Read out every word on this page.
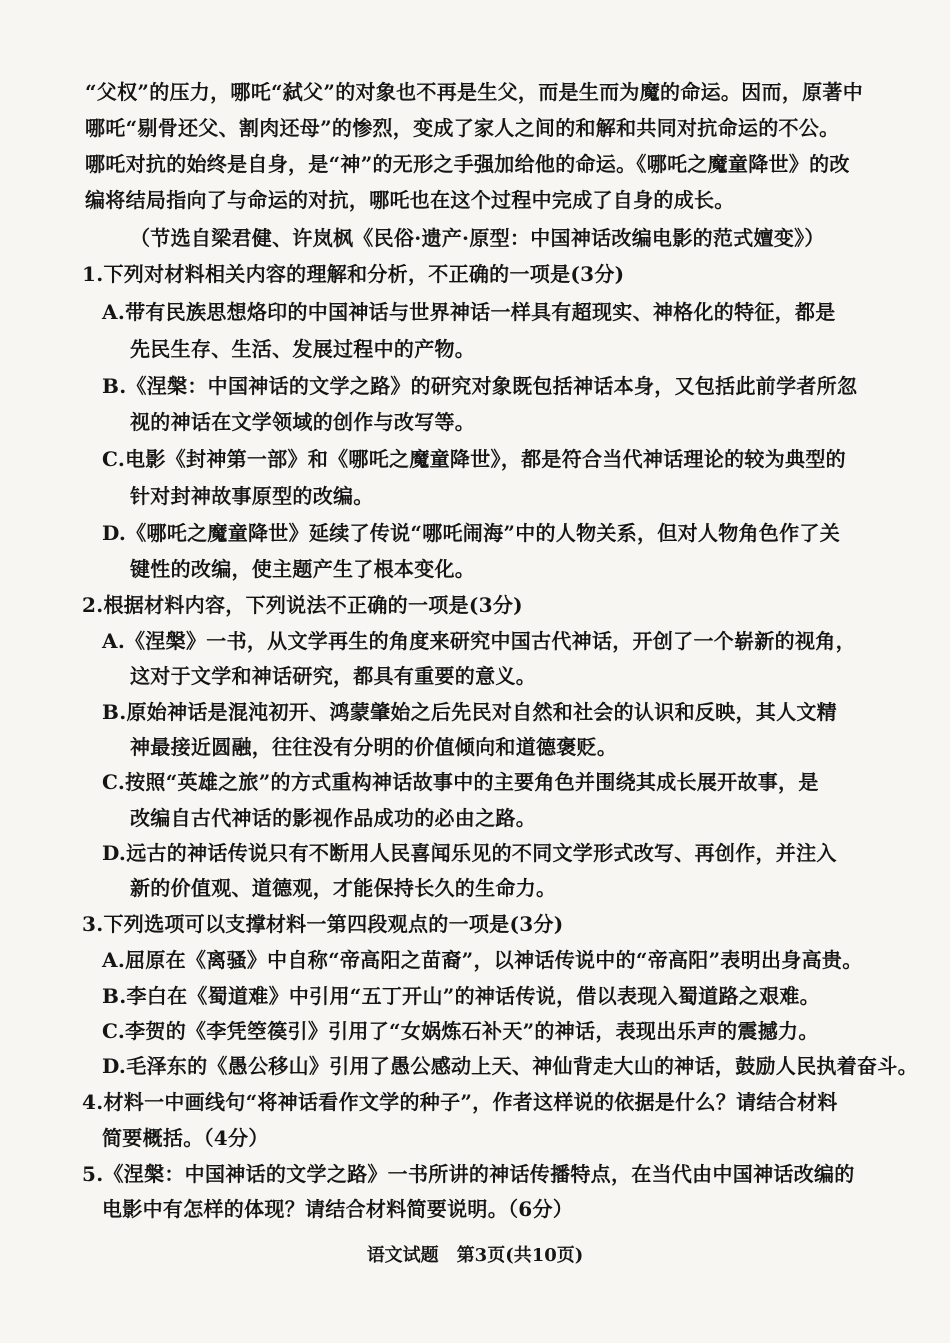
“父权”的压力，哪吒“弑父”的对象也不再是生父，而是生而为魔的命运。因而，原著中
哪吒“剔骨还父、割肉还母”的惨烈，变成了家人之间的和解和共同对抗命运的不公。
哪吒对抗的始终是自身，是“神”的无形之手强加给他的命运。《哪吒之魔童降世》的改
编将结局指向了与命运的对抗，哪吒也在这个过程中完成了自身的成长。
（节选自梁君健、许岚枫《民俗·遗产·原型：中国神话改编电影的范式嬗变》）
1.下列对材料相关内容的理解和分析，不正确的一项是(3分)
A.带有民族思想烙印的中国神话与世界神话一样具有超现实、神格化的特征，都是
先民生存、生活、发展过程中的产物。
B.《涅槃：中国神话的文学之路》的研究对象既包括神话本身，又包括此前学者所忽
视的神话在文学领域的创作与改写等。
C.电影《封神第一部》和《哪吒之魔童降世》，都是符合当代神话理论的较为典型的
针对封神故事原型的改编。
D.《哪吒之魔童降世》延续了传说“哪吒闹海”中的人物关系，但对人物角色作了关
键性的改编，使主题产生了根本变化。
2.根据材料内容，下列说法不正确的一项是(3分)
A.《涅槃》一书，从文学再生的角度来研究中国古代神话，开创了一个崭新的视角，
这对于文学和神话研究，都具有重要的意义。
B.原始神话是混沌初开、鸿蒙肇始之后先民对自然和社会的认识和反映，其人文精
神最接近圆融，往往没有分明的价值倾向和道德褒贬。
C.按照“英雄之旅”的方式重构神话故事中的主要角色并围绕其成长展开故事，是
改编自古代神话的影视作品成功的必由之路。
D.远古的神话传说只有不断用人民喜闻乐见的不同文学形式改写、再创作，并注入
新的价值观、道德观，才能保持长久的生命力。
3.下列选项可以支撑材料一第四段观点的一项是(3分)
A.屈原在《离骚》中自称“帝高阳之苗裔”，以神话传说中的“帝高阳”表明出身高贵。
B.李白在《蜀道难》中引用“五丁开山”的神话传说，借以表现入蜀道路之艰难。
C.李贺的《李凭箜篌引》引用了“女娲炼石补天”的神话，表现出乐声的震撼力。
D.毛泽东的《愚公移山》引用了愚公感动上天、神仙背走大山的神话，鼓励人民执着奋斗。
4.材料一中画线句“将神话看作文学的种子”，作者这样说的依据是什么？请结合材料
简要概括。（4分）
5.《涅槃：中国神话的文学之路》一书所讲的神话传播特点，在当代由中国神话改编的
电影中有怎样的体现？请结合材料简要说明。（6分）
语文试题　第3页(共10页)
